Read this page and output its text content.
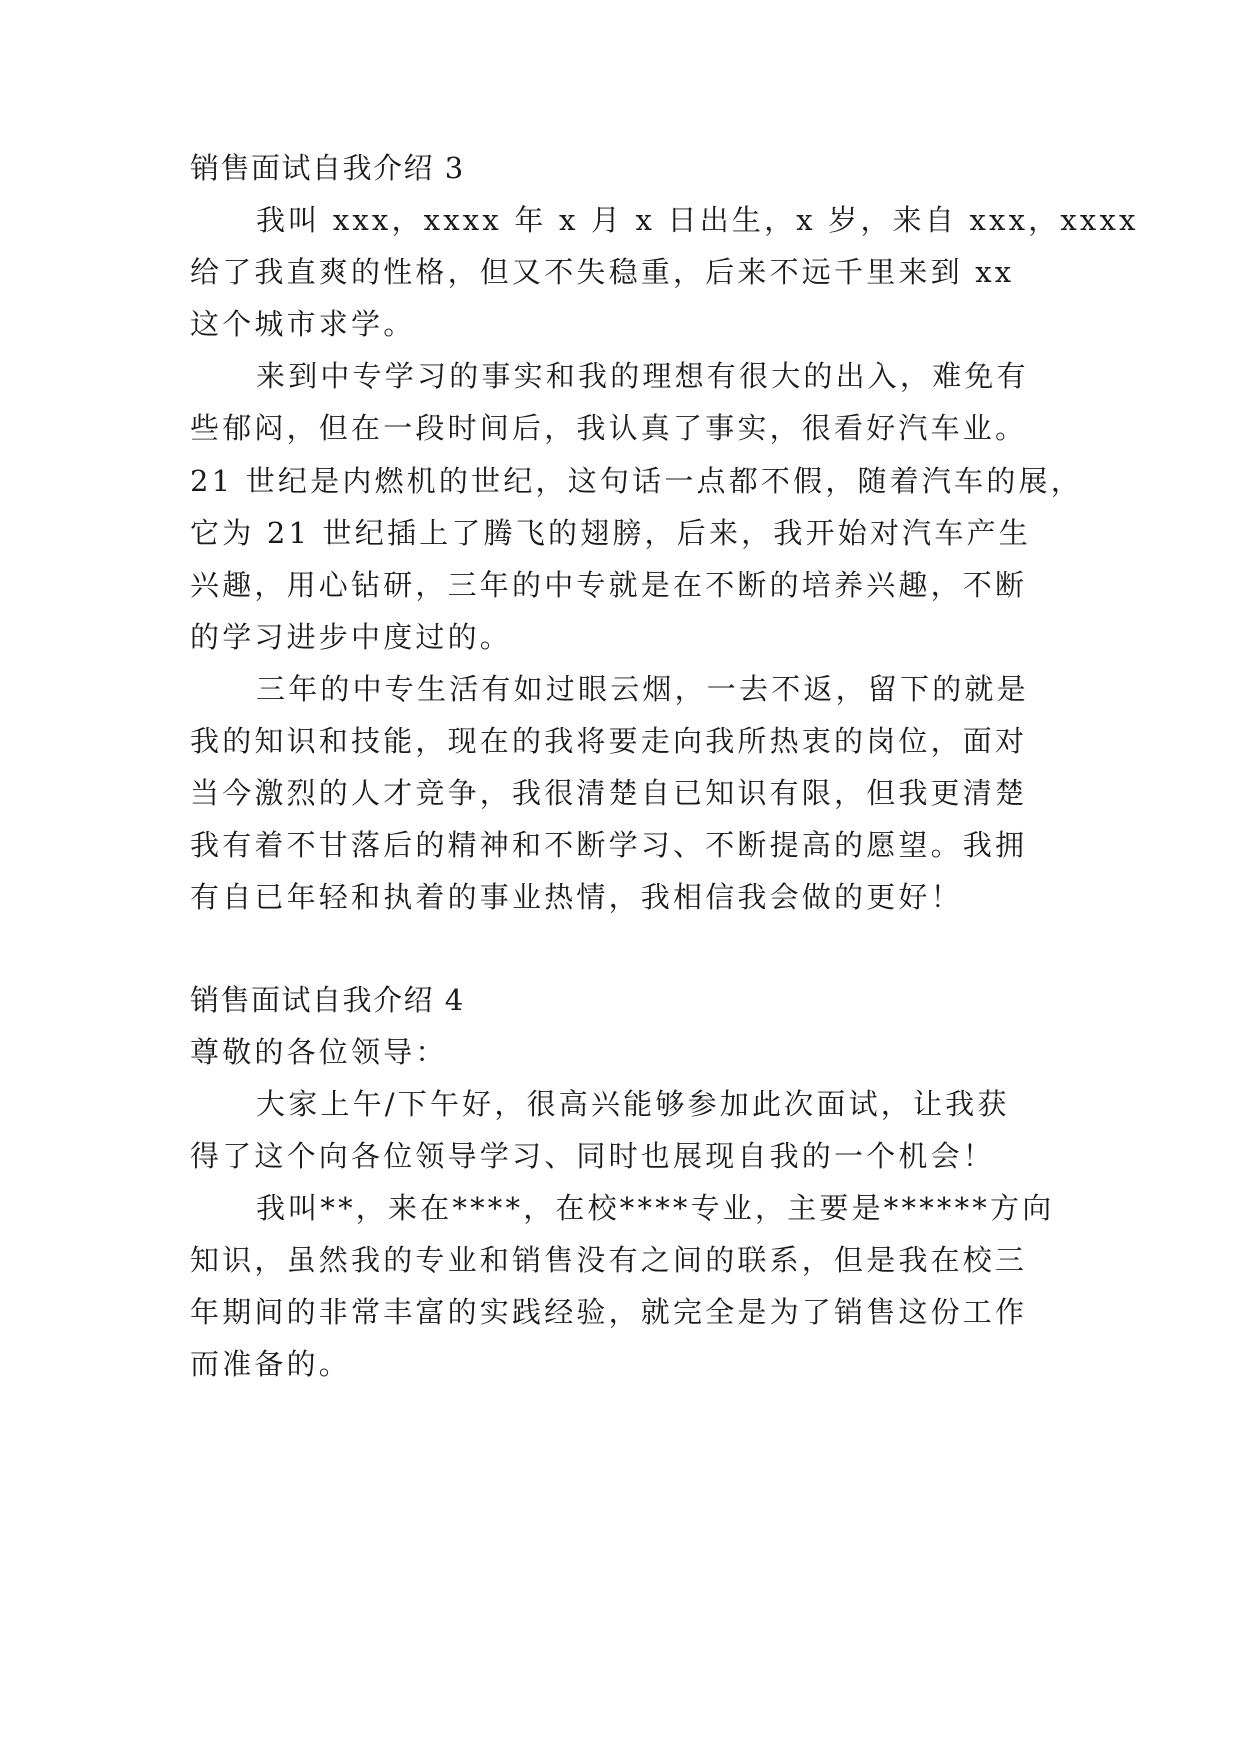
销售面试自我介绍 3
我叫 xxx，xxxx 年 x 月 x 日出生，x 岁，来自 xxx，xxxx
给了我直爽的性格，但又不失稳重，后来不远千里来到 xx
这个城市求学。
来到中专学习的事实和我的理想有很大的出入，难免有
些郁闷，但在一段时间后，我认真了事实，很看好汽车业。
21 世纪是内燃机的世纪，这句话一点都不假，随着汽车的展，
它为 21 世纪插上了腾飞的翅膀，后来，我开始对汽车产生
兴趣，用心钻研，三年的中专就是在不断的培养兴趣，不断
的学习进步中度过的。
三年的中专生活有如过眼云烟，一去不返，留下的就是
我的知识和技能，现在的我将要走向我所热衷的岗位，面对
当今激烈的人才竞争，我很清楚自已知识有限，但我更清楚
我有着不甘落后的精神和不断学习、不断提高的愿望。我拥
有自已年轻和执着的事业热情，我相信我会做的更好！
销售面试自我介绍 4
尊敬的各位领导：
大家上午/下午好，很高兴能够参加此次面试，让我获
得了这个向各位领导学习、同时也展现自我的一个机会！
我叫**，来在****，在校****专业，主要是******方向
知识，虽然我的专业和销售没有之间的联系，但是我在校三
年期间的非常丰富的实践经验，就完全是为了销售这份工作
而准备的。
